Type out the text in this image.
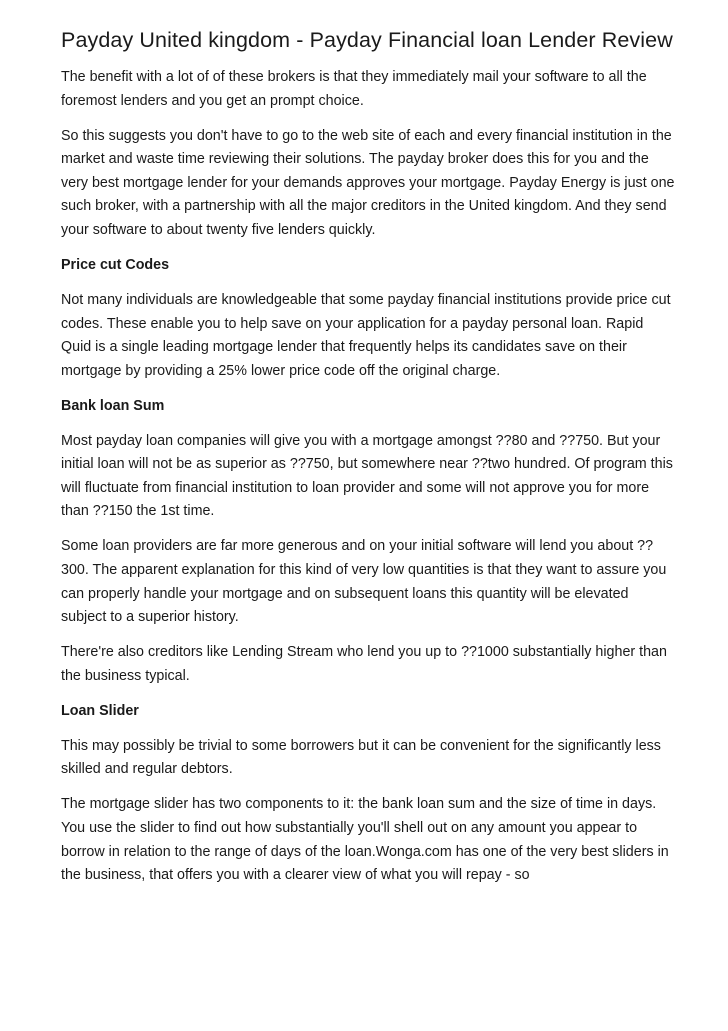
Payday United kingdom - Payday Financial loan Lender Review

The benefit with a lot of of these brokers is that they immediately mail your software to all the foremost lenders and you get an prompt choice.

So this suggests you don't have to go to the web site of each and every financial institution in the market and waste time reviewing their solutions. The payday broker does this for you and the very best mortgage lender for your demands approves your mortgage. Payday Energy is just one such broker, with a partnership with all the major creditors in the United kingdom. And they send your software to about twenty five lenders quickly.

Price cut Codes

Not many individuals are knowledgeable that some payday financial institutions provide price cut codes. These enable you to help save on your application for a payday personal loan. Rapid Quid is a single leading mortgage lender that frequently helps its candidates save on their mortgage by providing a 25% lower price code off the original charge.

Bank loan Sum

Most payday loan companies will give you with a mortgage amongst ??80 and ??750. But your initial loan will not be as superior as ??750, but somewhere near ??two hundred. Of program this will fluctuate from financial institution to loan provider and some will not approve you for more than ??150 the 1st time.

Some loan providers are far more generous and on your initial software will lend you about ??300. The apparent explanation for this kind of very low quantities is that they want to assure you can properly handle your mortgage and on subsequent loans this quantity will be elevated subject to a superior history.

There're also creditors like Lending Stream who lend you up to ??1000 substantially higher than the business typical.

Loan Slider

This may possibly be trivial to some borrowers but it can be convenient for the significantly less skilled and regular debtors.

The mortgage slider has two components to it: the bank loan sum and the size of time in days. You use the slider to find out how substantially you'll shell out on any amount you appear to borrow in relation to the range of days of the loan.Wonga.com has one of the very best sliders in the business, that offers you with a clearer view of what you will repay - so
